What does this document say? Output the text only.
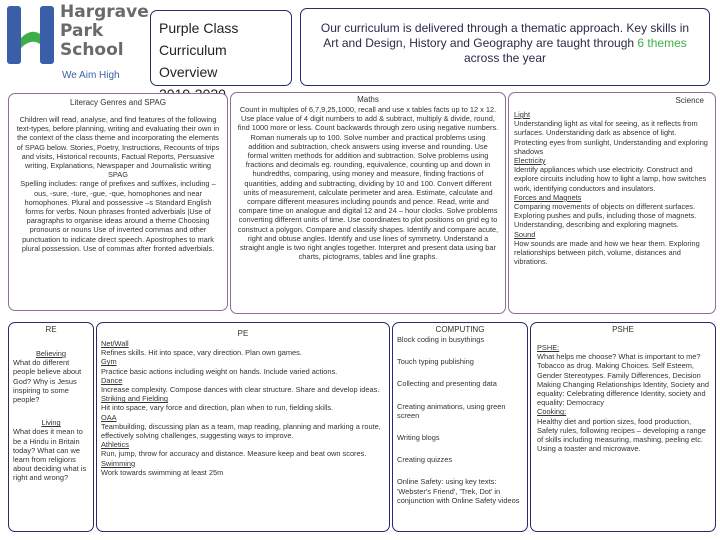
Hargrave
Park
School
We Aim High
Purple Class
Curriculum Overview
Our curriculum is delivered through a thematic approach. Key skills in Art and Design, History and Geography are taught through 6 themes across the year
Literacy Genres and SPAG
Children will read, analyse, and find features of the following text-types, before planning, writing and evaluating their own in the context of the class theme and incorporating the elements of SPAG below. Stories, Poetry, Instructions, Recounts of trips and visits, Historical recounts, Factual Reports, Persuasive writing, Explanations, Newspaper and Journalistic writing
SPAG
Spelling includes: range of prefixes and suffixes, including –ous, -sure, -ture, -gue, -que, homophones and near homophones. Plural and possessive –s Standard English forms for verbs. Noun phrases fronted adverbials |Use of paragraphs to organise ideas around a theme Choosing pronouns or nouns Use of inverted commas and other punctuation to indicate direct speech. Apostrophes to mark plural possession. Use of commas after fronted adverbials.
Maths
Count in multiples of 6,7,9,25,1000, recall and use x tables facts up to 12 x 12. Use place value of 4 digit numbers to add & subtract, multiply & divide, round, find 1000 more or less. Count backwards through zero using negative numbers. Roman numerals up to 100. Solve number and practical problems using addition and subtraction, check answers using inverse and rounding. Use formal written methods for addition and subtraction. Solve problems using fractions and decimals eg. rounding, equivalence, counting up and down in hundredths, comparing, using money and measure, finding fractions of quantities, adding and subtracting, dividing by 10 and 100. Convert different units of measurement, calculate perimeter and area. Estimate, calculate and compare different measures including pounds and pence. Read, write and compare time on analogue and digital 12 and 24 – hour clocks. Solve problems converting different units of time. Use coordinates to plot positions on grid eg to construct a polygon. Compare and classify shapes. Identify and compare acute, right and obtuse angles. Identify and use lines of symmetry. Understand a straight angle is two right angles together. Interpret and present data using bar charts, pictograms, tables and line graphs.
Science
Light
Understanding light as vital for seeing, as it reflects from surfaces. Understanding dark as absence of light. Protecting eyes from sunlight, Understanding and exploring shadows
Electricity
Identify appliances which use electricity. Construct and explore circuits including how to light a lamp, how switches work, identifying conductors and insulators.
Forces and Magnets
Comparing movements of objects on different surfaces. Exploring pushes and pulls, including those of magnets. Understanding, describing and exploring magnets.
Sound
How sounds are made and how we hear them. Exploring relationships between pitch, volume, distances and vibrations.
RE
Believing
What do different people believe about God? Why is Jesus inspiring to some people?
Living
What does it mean to be a Hindu in Britain today? What can we learn from religions about deciding what is right and wrong?
PE
Net/Wall
Refines skills. Hit into space, vary direction. Plan own games.
Gym
Practice basic actions including weight on hands. Include varied actions.
Dance
Increase complexity. Compose dances with clear structure. Share and develop ideas.
Striking and Fielding
Hit into space, vary force and direction, plan when to run, fielding skills.
OAA
Teambuilding, discussing plan as a team, map reading, planning and marking a route, effectively solving challenges, suggesting ways to improve.
Athletics
Run, jump, throw for accuracy and distance. Measure keep and beat own scores.
Swimming
Work towards swimming at least 25m
COMPUTING
Block coding in busythings
Touch typing publishing
Collecting and presenting data
Creating animations, using green screen
Writing blogs
Creating quizzes
Online Safety: using key texts: 'Webster's Friend', 'Trek, Dot' in conjunction with Online Safety videos
PSHE
PSHE:
What helps me choose? What is important to me? Tobacco as drug. Making Choices. Self Esteem, Gender Stereotypes. Family Differences, Decision Making Changing Relationships Identity, Society and equality: Celebrating difference Identity, society and equality: Democracy
Cooking:
Healthy diet and portion sizes, food production, Safety rules, following recipes – developing a range of skills including measuring, mashing, peeling etc. Using a toaster and microwave.
